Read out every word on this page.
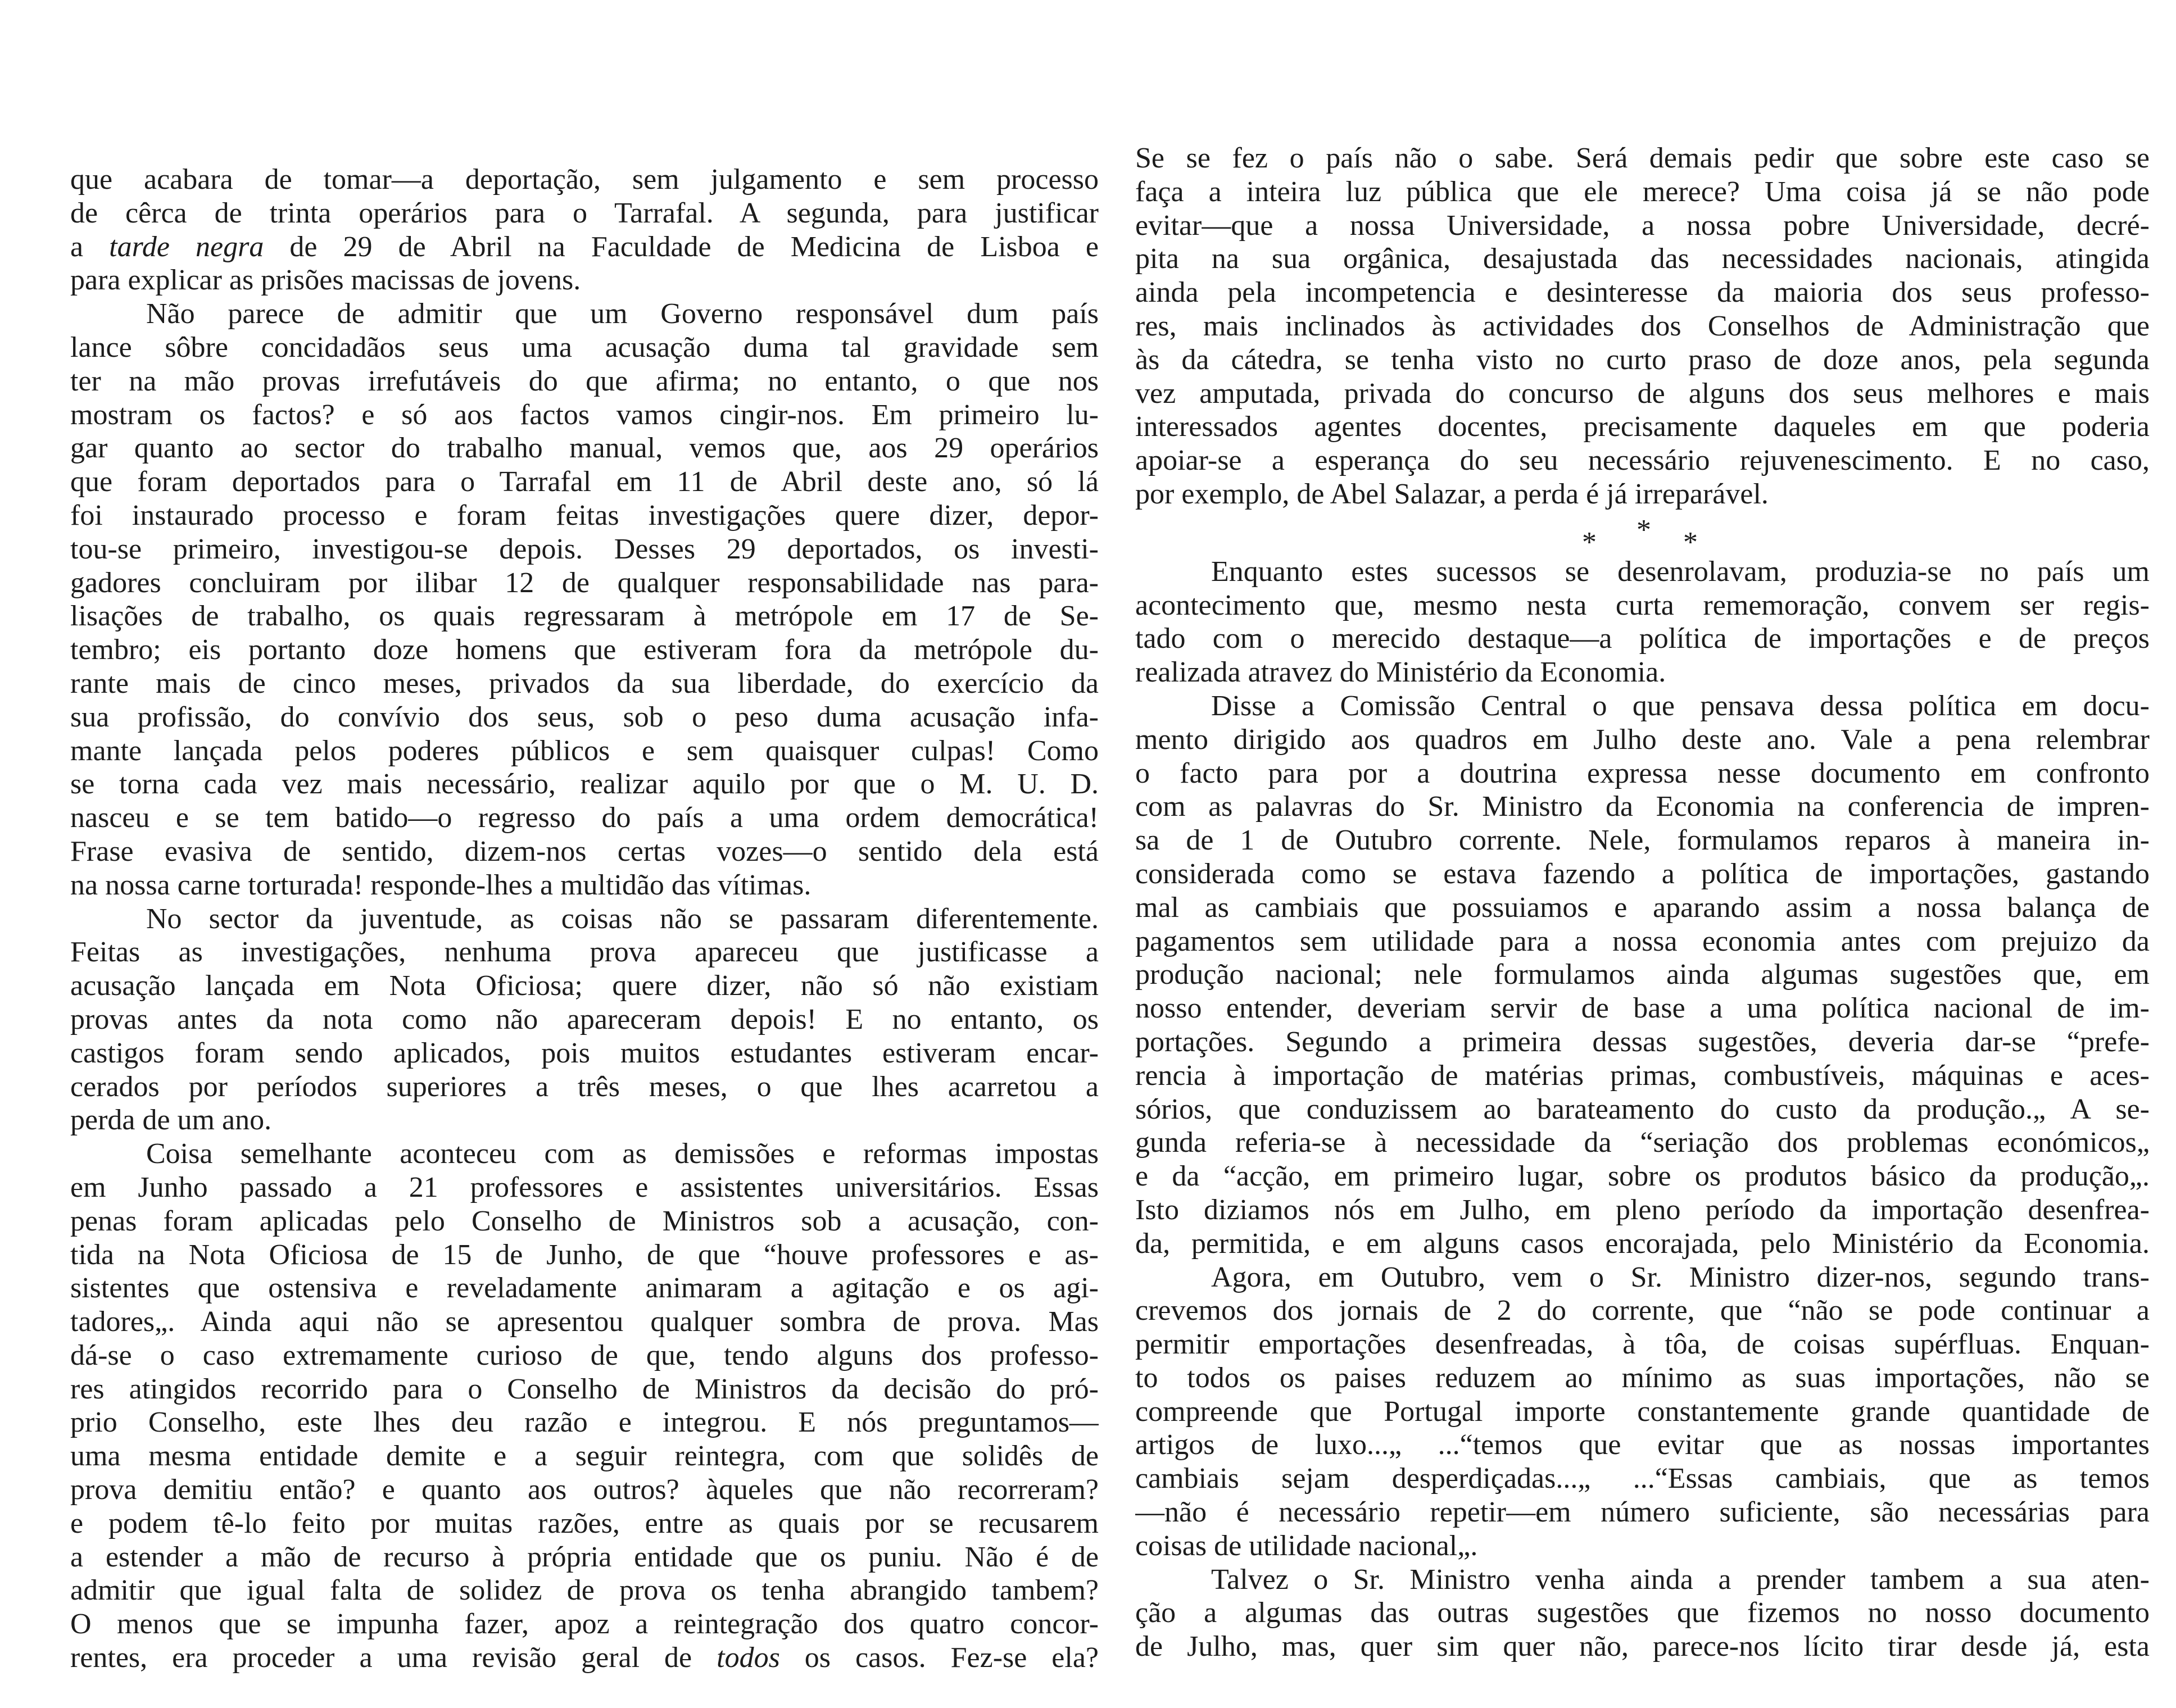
que acabara de tomar—a deportação, sem julgamento e sem processo
de cêrca de trinta operários para o Tarrafal. A segunda, para justificar
a tarde negra de 29 de Abril na Faculdade de Medicina de Lisboa e
para explicar as prisões macissas de jovens.
Não parece de admitir que um Governo responsável dum país
lance sôbre concidadãos seus uma acusação duma tal gravidade sem
ter na mão provas irrefutáveis do que afirma; no entanto, o que nos
mostram os factos? e só aos factos vamos cingir-nos. Em primeiro lu-
gar quanto ao sector do trabalho manual, vemos que, aos 29 operários
que foram deportados para o Tarrafal em 11 de Abril deste ano, só lá
foi instaurado processo e foram feitas investigações quere dizer, depor-
tou-se primeiro, investigou-se depois. Desses 29 deportados, os investi-
gadores concluiram por ilibar 12 de qualquer responsabilidade nas para-
lisações de trabalho, os quais regressaram à metrópole em 17 de Se-
tembro; eis portanto doze homens que estiveram fora da metrópole du-
rante mais de cinco meses, privados da sua liberdade, do exercício da
sua profissão, do convívio dos seus, sob o peso duma acusação infa-
mante lançada pelos poderes públicos e sem quaisquer culpas! Como
se torna cada vez mais necessário, realizar aquilo por que o M. U. D.
nasceu e se tem batido—o regresso do país a uma ordem democrática!
Frase evasiva de sentido, dizem-nos certas vozes—o sentido dela está
na nossa carne torturada! responde-lhes a multidão das vítimas.
No sector da juventude, as coisas não se passaram diferentemente.
Feitas as investigações, nenhuma prova apareceu que justificasse a
acusação lançada em Nota Oficiosa; quere dizer, não só não existiam
provas antes da nota como não apareceram depois! E no entanto, os
castigos foram sendo aplicados, pois muitos estudantes estiveram encar-
cerados por períodos superiores a três meses, o que lhes acarretou a
perda de um ano.
Coisa semelhante aconteceu com as demissões e reformas impostas
em Junho passado a 21 professores e assistentes universitários. Essas
penas foram aplicadas pelo Conselho de Ministros sob a acusação, con-
tida na Nota Oficiosa de 15 de Junho, de que “houve professores e as-
sistentes que ostensiva e reveladamente animaram a agitação e os agi-
tadores„. Ainda aqui não se apresentou qualquer sombra de prova. Mas
dá-se o caso extremamente curioso de que, tendo alguns dos professo-
res atingidos recorrido para o Conselho de Ministros da decisão do pró-
prio Conselho, este lhes deu razão e integrou. E nós preguntamos—
uma mesma entidade demite e a seguir reintegra, com que solidês de
prova demitiu então? e quanto aos outros? àqueles que não recorreram?
e podem tê-lo feito por muitas razões, entre as quais por se recusarem
a estender a mão de recurso à própria entidade que os puniu. Não é de
admitir que igual falta de solidez de prova os tenha abrangido tambem?
O menos que se impunha fazer, apoz a reintegração dos quatro concor-
rentes, era proceder a uma revisão geral de todos os casos. Fez-se ela?
Se se fez o país não o sabe. Será demais pedir que sobre este caso se
faça a inteira luz pública que ele merece? Uma coisa já se não pode
evitar—que a nossa Universidade, a nossa pobre Universidade, decré-
pita na sua orgânica, desajustada das necessidades nacionais, atingida
ainda pela incompetencia e desinteresse da maioria dos seus professo-
res, mais inclinados às actividades dos Conselhos de Administração que
às da cátedra, se tenha visto no curto praso de doze anos, pela segunda
vez amputada, privada do concurso de alguns dos seus melhores e mais
interessados agentes docentes, precisamente daqueles em que poderia
apoiar-se a esperança do seu necessário rejuvenescimento. E no caso,
por exemplo, de Abel Salazar, a perda é já irreparável.
* * *
Enquanto estes sucessos se desenrolavam, produzia-se no país um
acontecimento que, mesmo nesta curta rememoração, convem ser regis-
tado com o merecido destaque—a política de importações e de preços
realizada atravez do Ministério da Economia.
Disse a Comissão Central o que pensava dessa política em docu-
mento dirigido aos quadros em Julho deste ano. Vale a pena relembrar
o facto para por a doutrina expressa nesse documento em confronto
com as palavras do Sr. Ministro da Economia na conferencia de impren-
sa de 1 de Outubro corrente. Nele, formulamos reparos à maneira in-
considerada como se estava fazendo a política de importações, gastando
mal as cambiais que possuiamos e aparando assim a nossa balança de
pagamentos sem utilidade para a nossa economia antes com prejuizo da
produção nacional; nele formulamos ainda algumas sugestões que, em
nosso entender, deveriam servir de base a uma política nacional de im-
portações. Segundo a primeira dessas sugestões, deveria dar-se “prefe-
rencia à importação de matérias primas, combustíveis, máquinas e aces-
sórios, que conduzissem ao barateamento do custo da produção.„ A se-
gunda referia-se à necessidade da “seriação dos problemas económicos„
e da “acção, em primeiro lugar, sobre os produtos básico da produção„.
Isto diziamos nós em Julho, em pleno período da importação desenfrea-
da, permitida, e em alguns casos encorajada, pelo Ministério da Economia.
Agora, em Outubro, vem o Sr. Ministro dizer-nos, segundo trans-
crevemos dos jornais de 2 do corrente, que “não se pode continuar a
permitir emportações desenfreadas, à tôa, de coisas supérfluas. Enquan-
to todos os paises reduzem ao mínimo as suas importações, não se
compreende que Portugal importe constantemente grande quantidade de
artigos de luxo...„ ...“temos que evitar que as nossas importantes
cambiais sejam desperdiçadas...„ ...“Essas cambiais, que as temos
—não é necessário repetir—em número suficiente, são necessárias para
coisas de utilidade nacional„.
Talvez o Sr. Ministro venha ainda a prender tambem a sua aten-
ção a algumas das outras sugestões que fizemos no nosso documento
de Julho, mas, quer sim quer não, parece-nos lícito tirar desde já, esta
